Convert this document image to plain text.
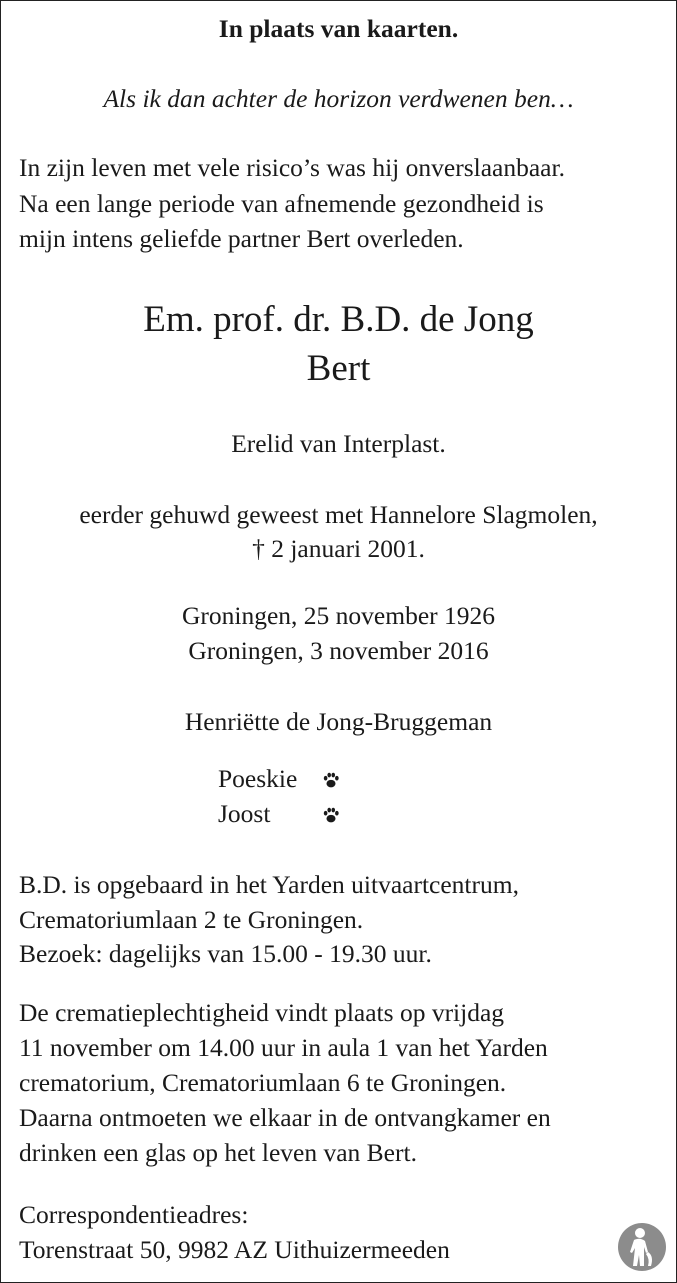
In plaats van kaarten.
Als ik dan achter de horizon verdwenen ben…
In zijn leven met vele risico’s was hij onverslaanbaar.
Na een lange periode van afnemende gezondheid is
mijn intens geliefde partner Bert overleden.
Em. prof. dr. B.D. de Jong
Bert
Erelid van Interplast.
eerder gehuwd geweest met Hannelore Slagmolen,
† 2 januari 2001.
Groningen, 25 november 1926
Groningen, 3 november 2016
Henriëtte de Jong-Bruggeman
Poeskie
Joost
B.D. is opgebaard in het Yarden uitvaartcentrum,
Crematoriumlaan 2 te Groningen.
Bezoek: dagelijks van 15.00 - 19.30 uur.
De crematieplechtigheid vindt plaats op vrijdag
11 november om 14.00 uur in aula 1 van het Yarden
crematorium, Crematoriumlaan 6 te Groningen.
Daarna ontmoeten we elkaar in de ontvangkamer en
drinken een glas op het leven van Bert.
Correspondentieadres:
Torenstraat 50, 9982 AZ Uithuizermeeden
